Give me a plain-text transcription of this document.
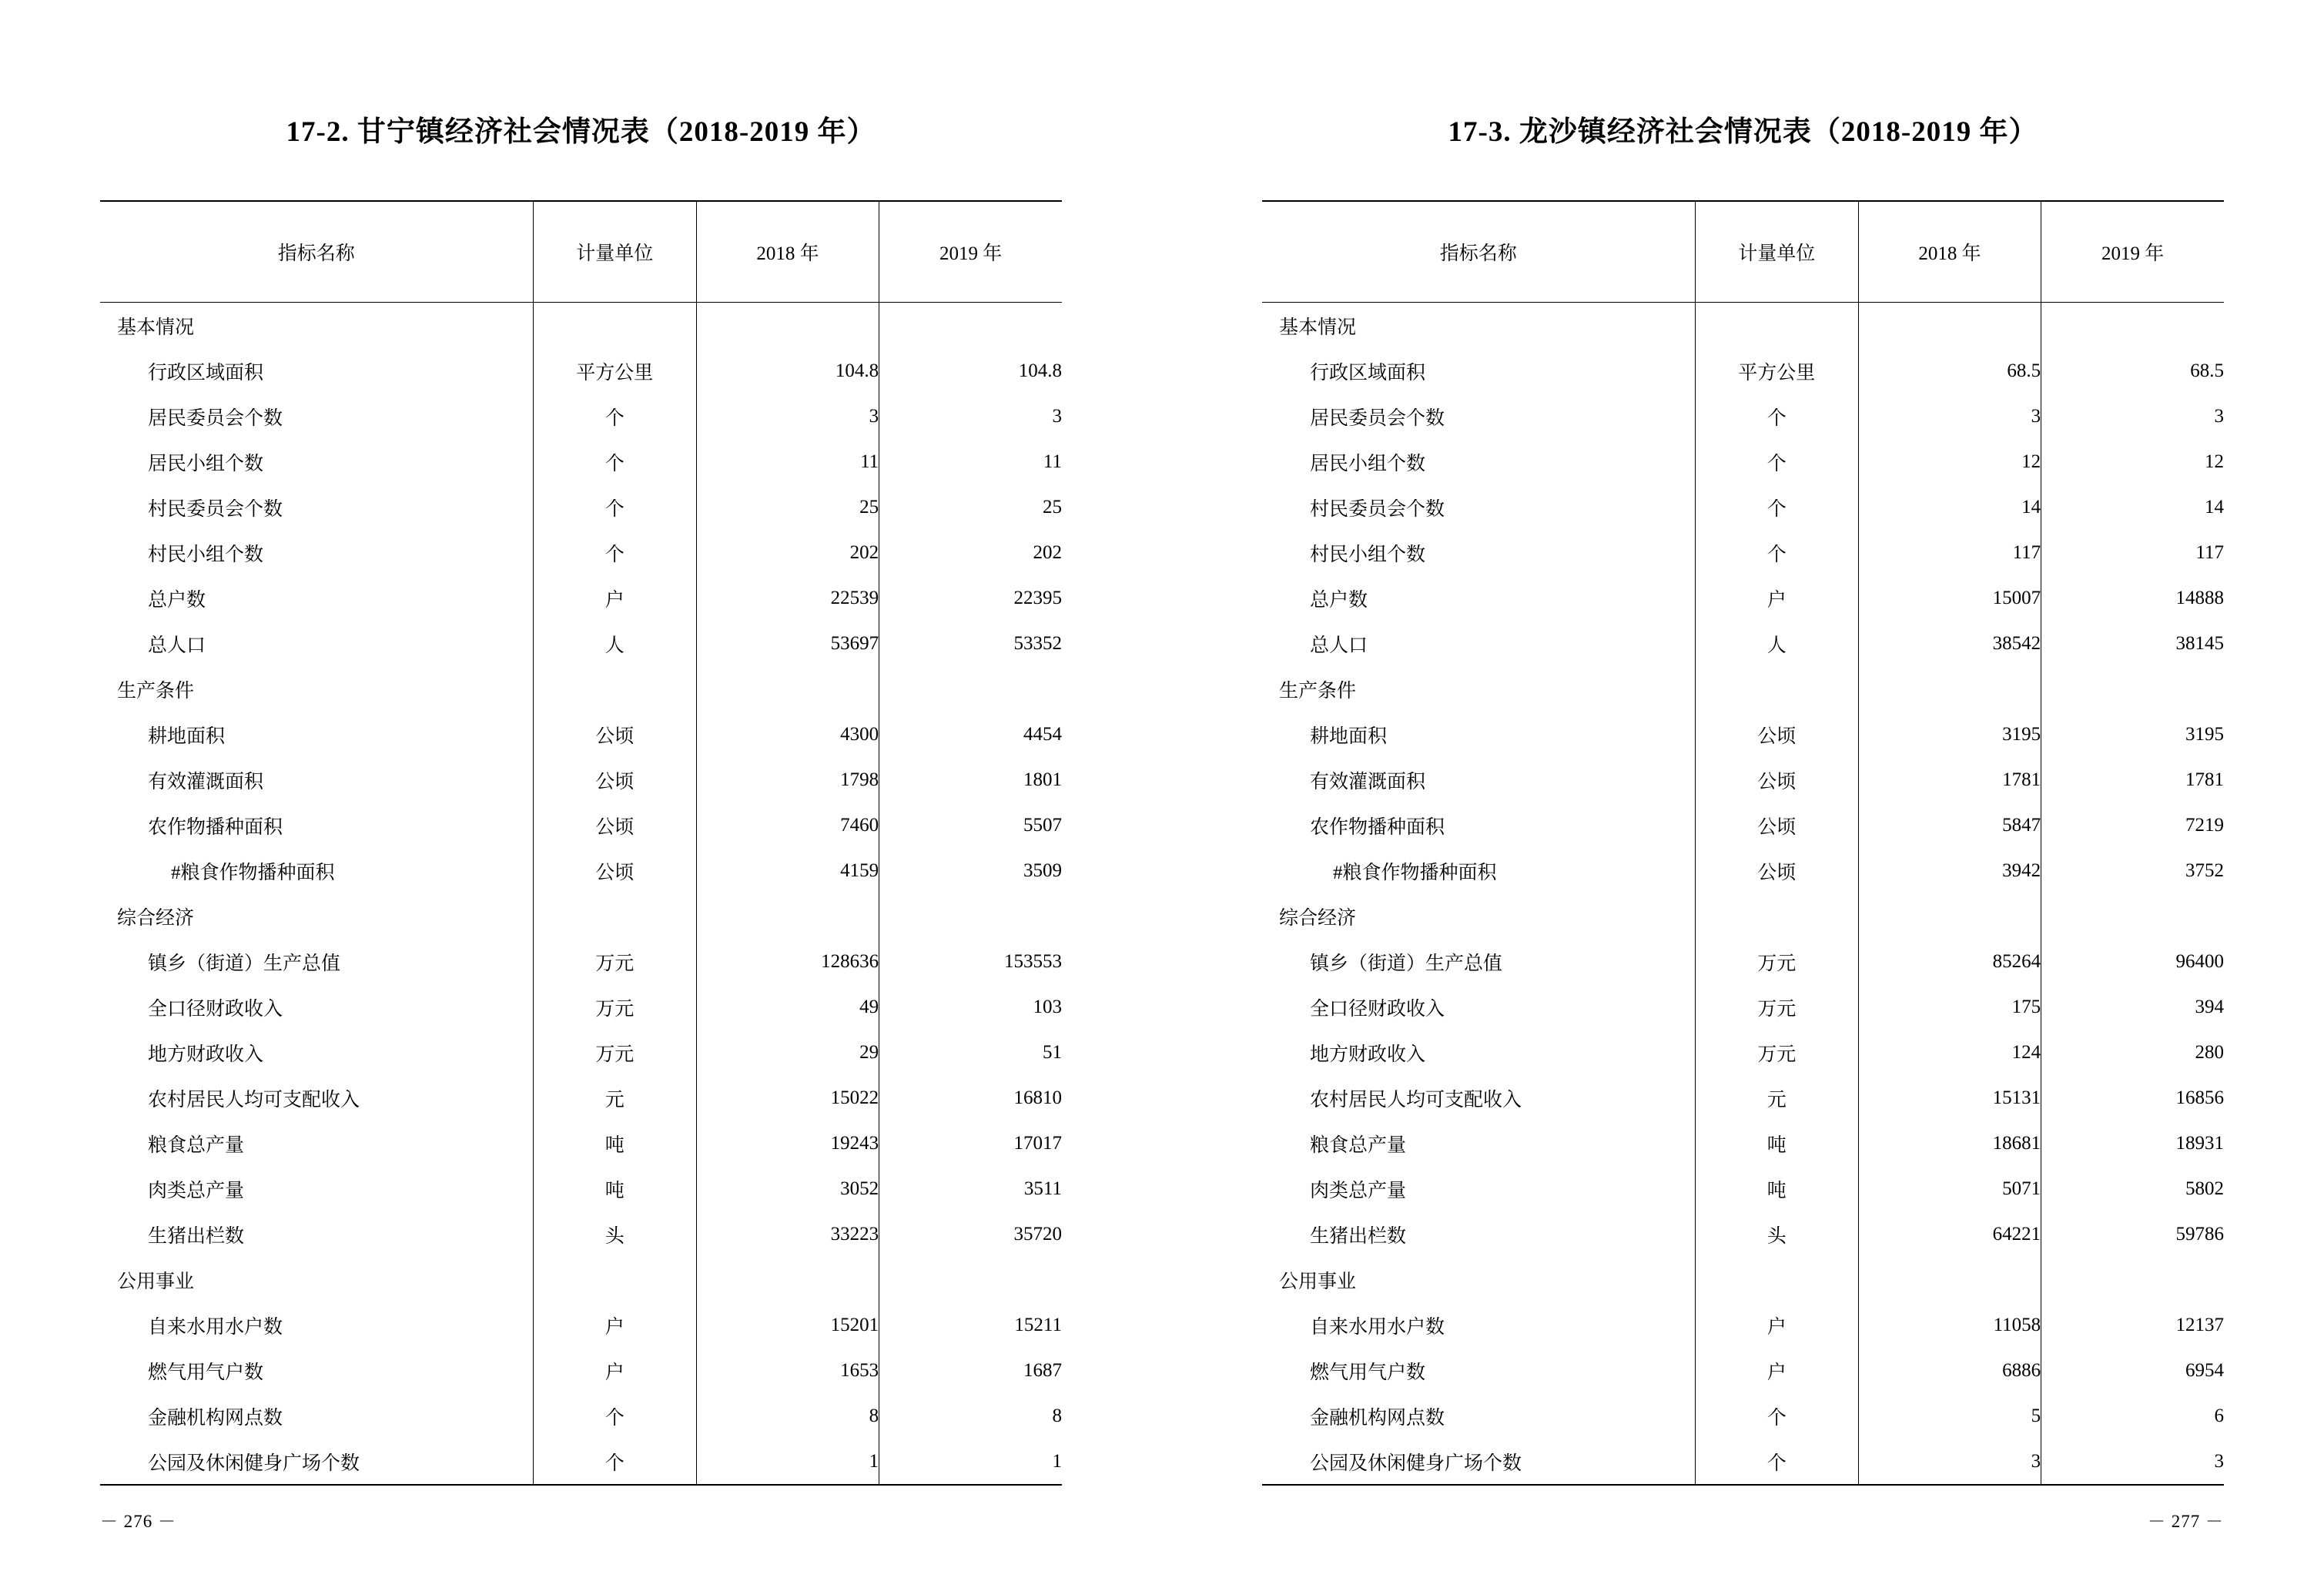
17-2. 甘宁镇经济社会情况表（2018-2019 年）
指标名称	计量单位	2018 年	2019 年
基本情况			
行政区域面积	平方公里	104.8	104.8
居民委员会个数	个	3	3
居民小组个数	个	11	11
村民委员会个数	个	25	25
村民小组个数	个	202	202
总户数	户	22539	22395
总人口	人	53697	53352
生产条件			
耕地面积	公顷	4300	4454
有效灌溉面积	公顷	1798	1801
农作物播种面积	公顷	7460	5507
#粮食作物播种面积	公顷	4159	3509
综合经济			
镇乡（街道）生产总值	万元	128636	153553
全口径财政收入	万元	49	103
地方财政收入	万元	29	51
农村居民人均可支配收入	元	15022	16810
粮食总产量	吨	19243	17017
肉类总产量	吨	3052	3511
生猪出栏数	头	33223	35720
公用事业			
自来水用水户数	户	15201	15211
燃气用气户数	户	1653	1687
金融机构网点数	个	8	8
公园及休闲健身广场个数	个	1	1
－ 276 －
17-3. 龙沙镇经济社会情况表（2018-2019 年）
指标名称	计量单位	2018 年	2019 年
基本情况			
行政区域面积	平方公里	68.5	68.5
居民委员会个数	个	3	3
居民小组个数	个	12	12
村民委员会个数	个	14	14
村民小组个数	个	117	117
总户数	户	15007	14888
总人口	人	38542	38145
生产条件			
耕地面积	公顷	3195	3195
有效灌溉面积	公顷	1781	1781
农作物播种面积	公顷	5847	7219
#粮食作物播种面积	公顷	3942	3752
综合经济			
镇乡（街道）生产总值	万元	85264	96400
全口径财政收入	万元	175	394
地方财政收入	万元	124	280
农村居民人均可支配收入	元	15131	16856
粮食总产量	吨	18681	18931
肉类总产量	吨	5071	5802
生猪出栏数	头	64221	59786
公用事业			
自来水用水户数	户	11058	12137
燃气用气户数	户	6886	6954
金融机构网点数	个	5	6
公园及休闲健身广场个数	个	3	3
－ 277 －
